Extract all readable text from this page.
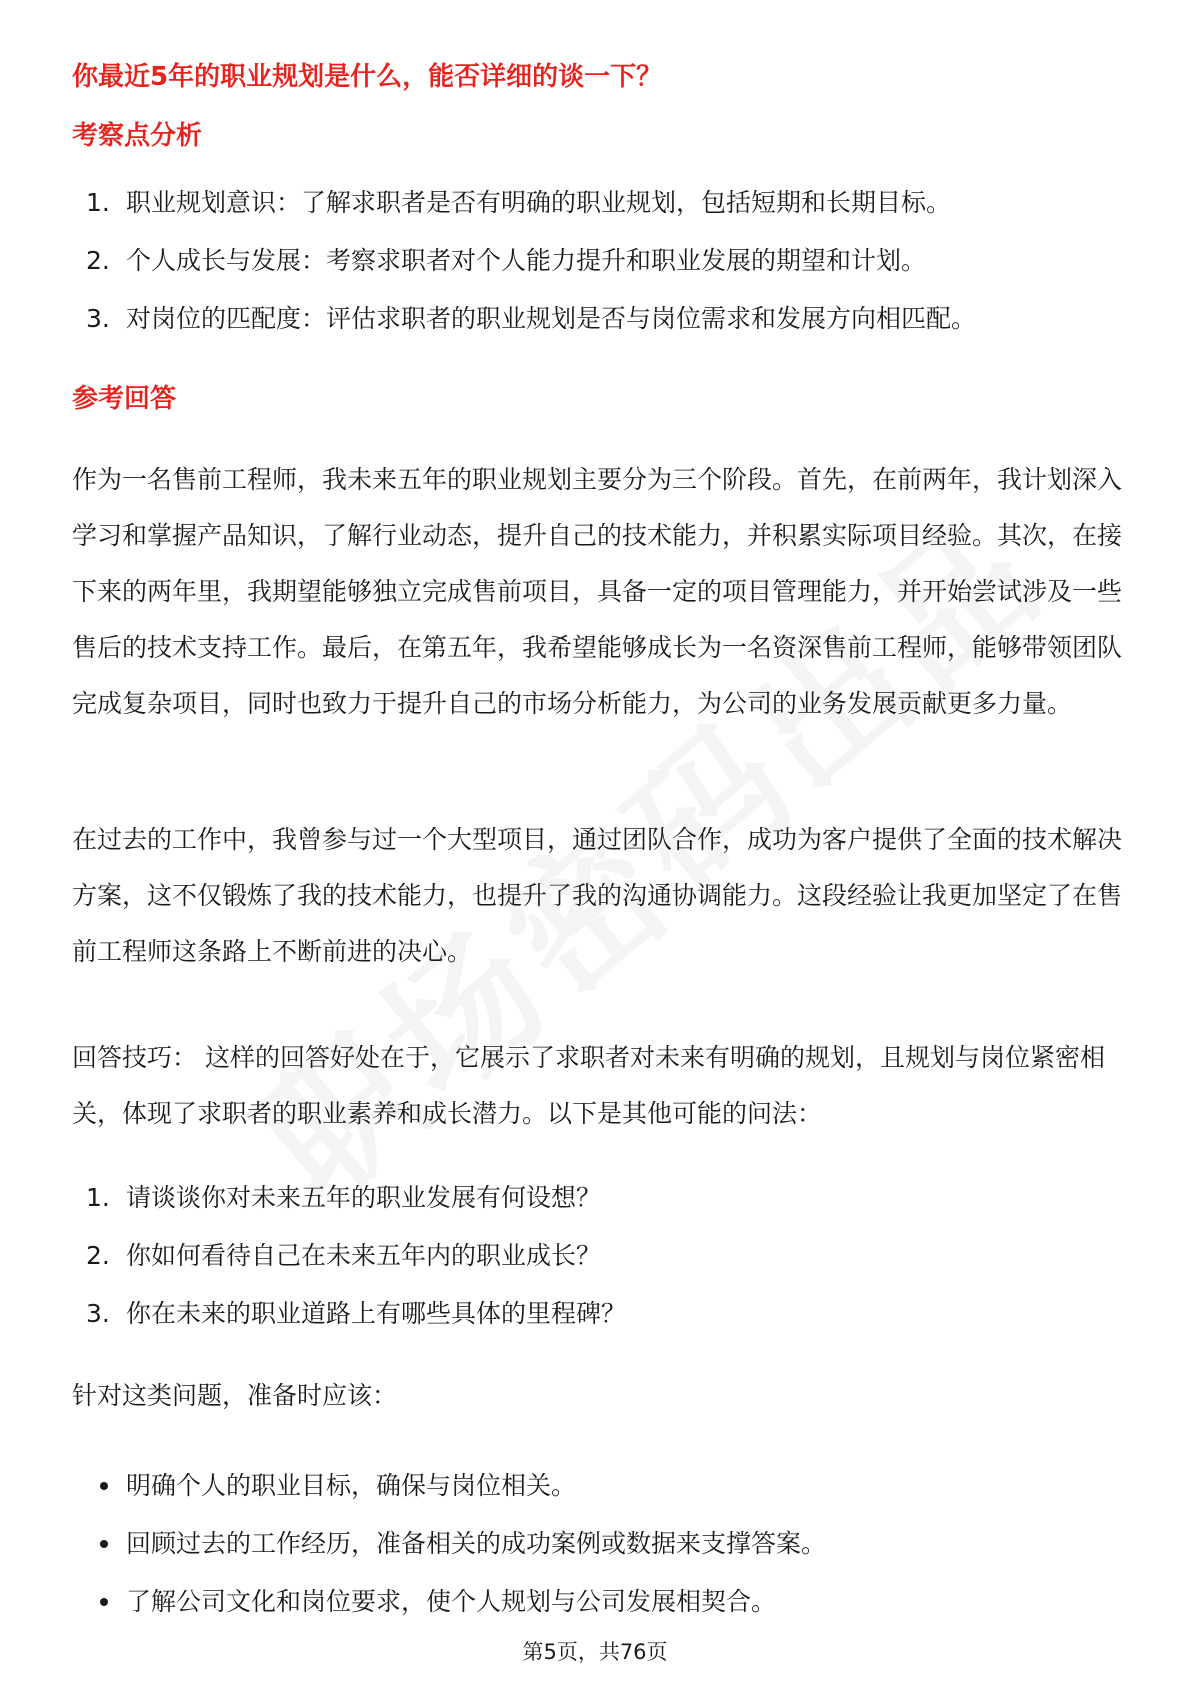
你最近5年的职业规划是什么，能否详细的谈一下？
考察点分析
1. 职业规划意识：了解求职者是否有明确的职业规划，包括短期和长期目标。
2. 个人成长与发展：考察求职者对个人能力提升和职业发展的期望和计划。
3. 对岗位的匹配度：评估求职者的职业规划是否与岗位需求和发展方向相匹配。
参考回答

作为一名售前工程师，我未来五年的职业规划主要分为三个阶段。首先，在前两年，我计划深入学习和掌握产品知识，了解行业动态，提升自己的技术能力，并积累实际项目经验。其次，在接下来的两年里，我期望能够独立完成售前项目，具备一定的项目管理能力，并开始尝试涉及一些售后的技术支持工作。最后，在第五年，我希望能够成长为一名资深售前工程师，能够带领团队完成复杂项目，同时也致力于提升自己的市场分析能力，为公司的业务发展贡献更多力量。

在过去的工作中，我曾参与过一个大型项目，通过团队合作，成功为客户提供了全面的技术解决方案，这不仅锻炼了我的技术能力，也提升了我的沟通协调能力。这段经验让我更加坚定了在售前工程师这条路上不断前进的决心。

回答技巧： 这样的回答好处在于，它展示了求职者对未来有明确的规划，且规划与岗位紧密相关，体现了求职者的职业素养和成长潜力。以下是其他可能的问法：

1. 请谈谈你对未来五年的职业发展有何设想？
2. 你如何看待自己在未来五年内的职业成长？
3. 你在未来的职业道路上有哪些具体的里程碑？

针对这类问题，准备时应该：

明确个人的职业目标，确保与岗位相关。
回顾过去的工作经历，准备相关的成功案例或数据来支撑答案。
了解公司文化和岗位要求，使个人规划与公司发展相契合。
第5页，共76页
